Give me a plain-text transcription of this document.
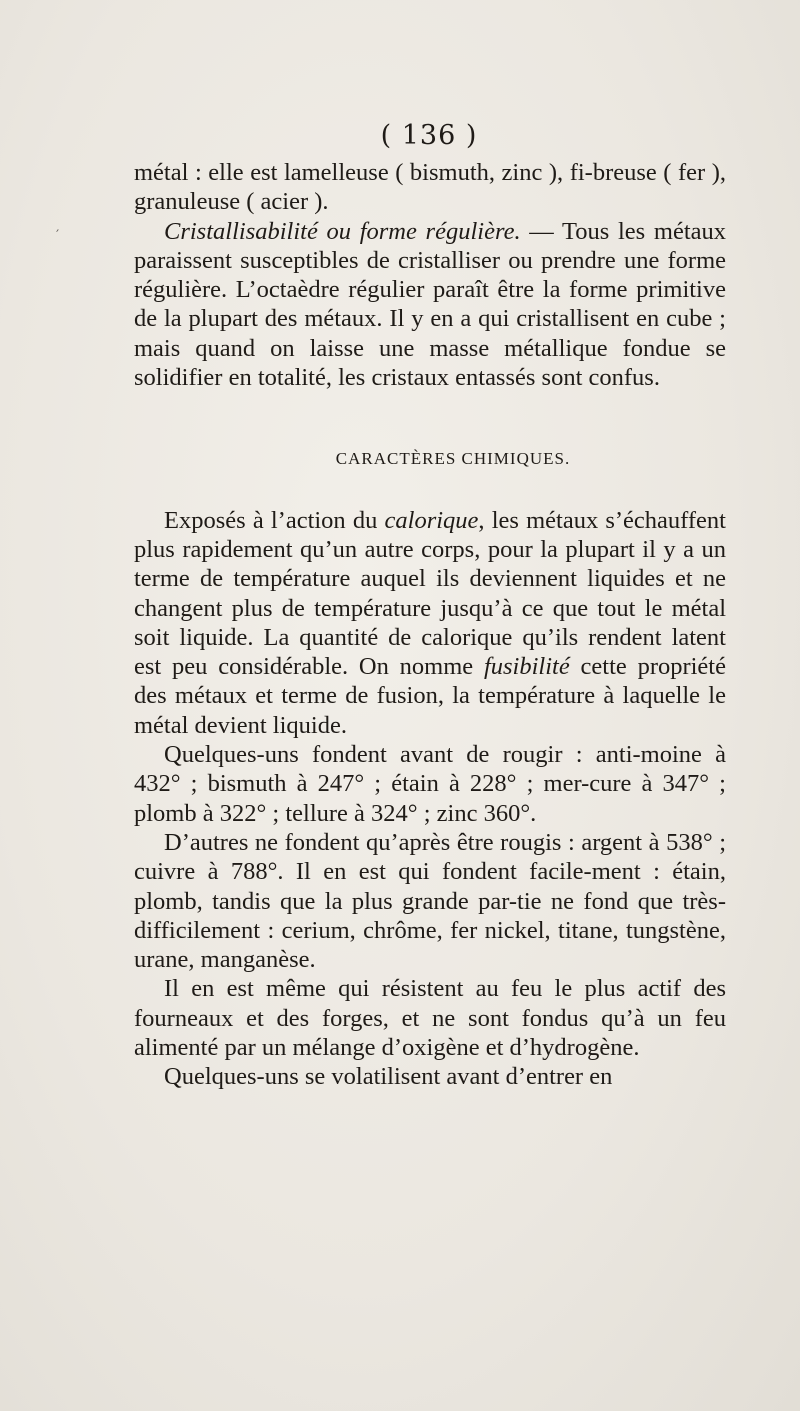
( 136 )

métal : elle est lamelleuse ( bismuth, zinc ), fi-breuse ( fer ), granuleuse ( acier ).

Cristallisabilité ou forme régulière. — Tous les métaux paraissent susceptibles de cristalliser ou prendre une forme régulière. L’octaèdre régulier paraît être la forme primitive de la plupart des métaux. Il y en a qui cristallisent en cube ; mais quand on laisse une masse métallique fondue se solidifier en totalité, les cristaux entassés sont confus.

CARACTÈRES CHIMIQUES.

Exposés à l’action du calorique, les métaux s’échauffent plus rapidement qu’un autre corps, pour la plupart il y a un terme de température auquel ils deviennent liquides et ne changent plus de température jusqu’à ce que tout le métal soit liquide. La quantité de calorique qu’ils rendent latent est peu considérable. On nomme fusibilité cette propriété des métaux et terme de fusion, la température à laquelle le métal devient liquide.

Quelques-uns fondent avant de rougir : anti-moine à 432° ; bismuth à 247° ; étain à 228° ; mer-cure à 347° ; plomb à 322° ; tellure à 324° ; zinc 360°.

D’autres ne fondent qu’après être rougis : argent à 538° ; cuivre à 788°. Il en est qui fondent facile-ment : étain, plomb, tandis que la plus grande par-tie ne fond que très-difficilement : cerium, chrôme, fer nickel, titane, tungstène, urane, manganèse.

Il en est même qui résistent au feu le plus actif des fourneaux et des forges, et ne sont fondus qu’à un feu alimenté par un mélange d’oxigène et d’hydrogène.

Quelques-uns se volatilisent avant d’entrer en

′
